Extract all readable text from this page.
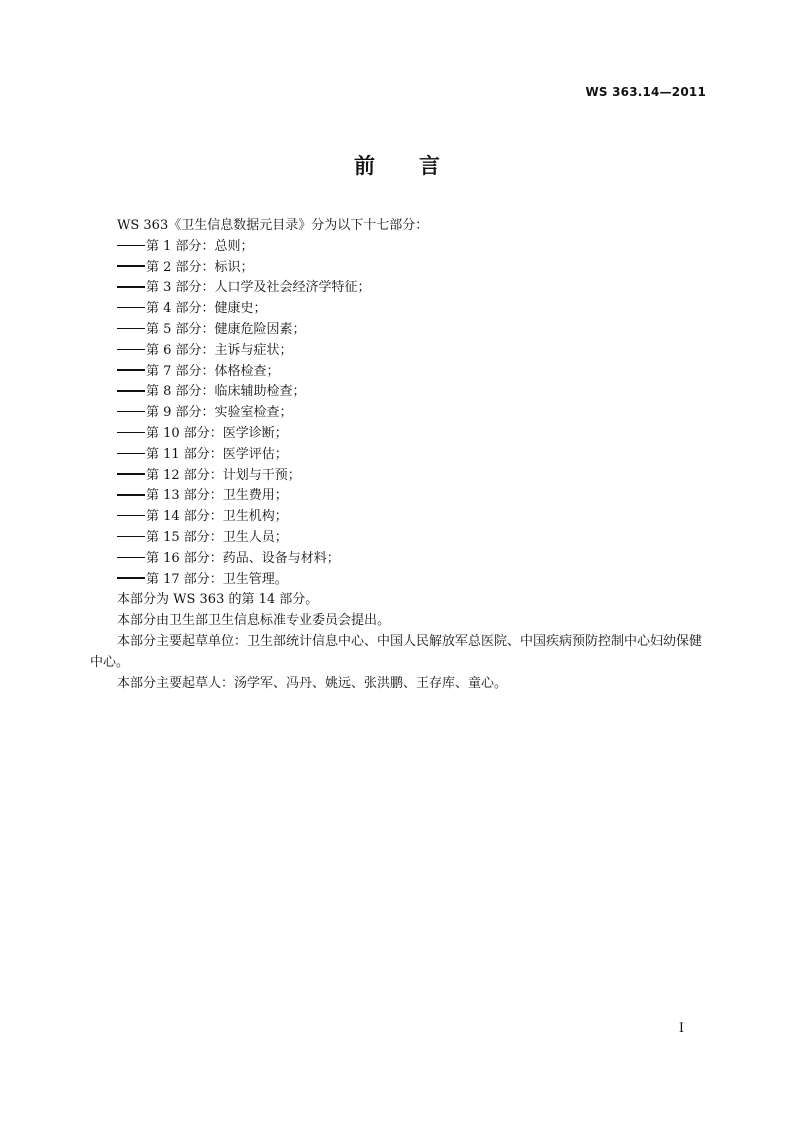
WS 363.14—2011
前言

WS 363《卫生信息数据元目录》分为以下十七部分：

第 1 部分：总则；
第 2 部分：标识；
第 3 部分：人口学及社会经济学特征；
第 4 部分：健康史；
第 5 部分：健康危险因素；
第 6 部分：主诉与症状；
第 7 部分：体格检查；
第 8 部分：临床辅助检查；
第 9 部分：实验室检查；
第 10 部分：医学诊断；
第 11 部分：医学评估；
第 12 部分：计划与干预；
第 13 部分：卫生费用；
第 14 部分：卫生机构；
第 15 部分：卫生人员；
第 16 部分：药品、设备与材料；
第 17 部分：卫生管理。

本部分为 WS 363 的第 14 部分。

本部分由卫生部卫生信息标准专业委员会提出。

本部分主要起草单位：卫生部统计信息中心、中国人民解放军总医院、中国疾病预防控制中心妇幼保健中心。

本部分主要起草人：汤学军、冯丹、姚远、张洪鹏、王存库、童心。

I
